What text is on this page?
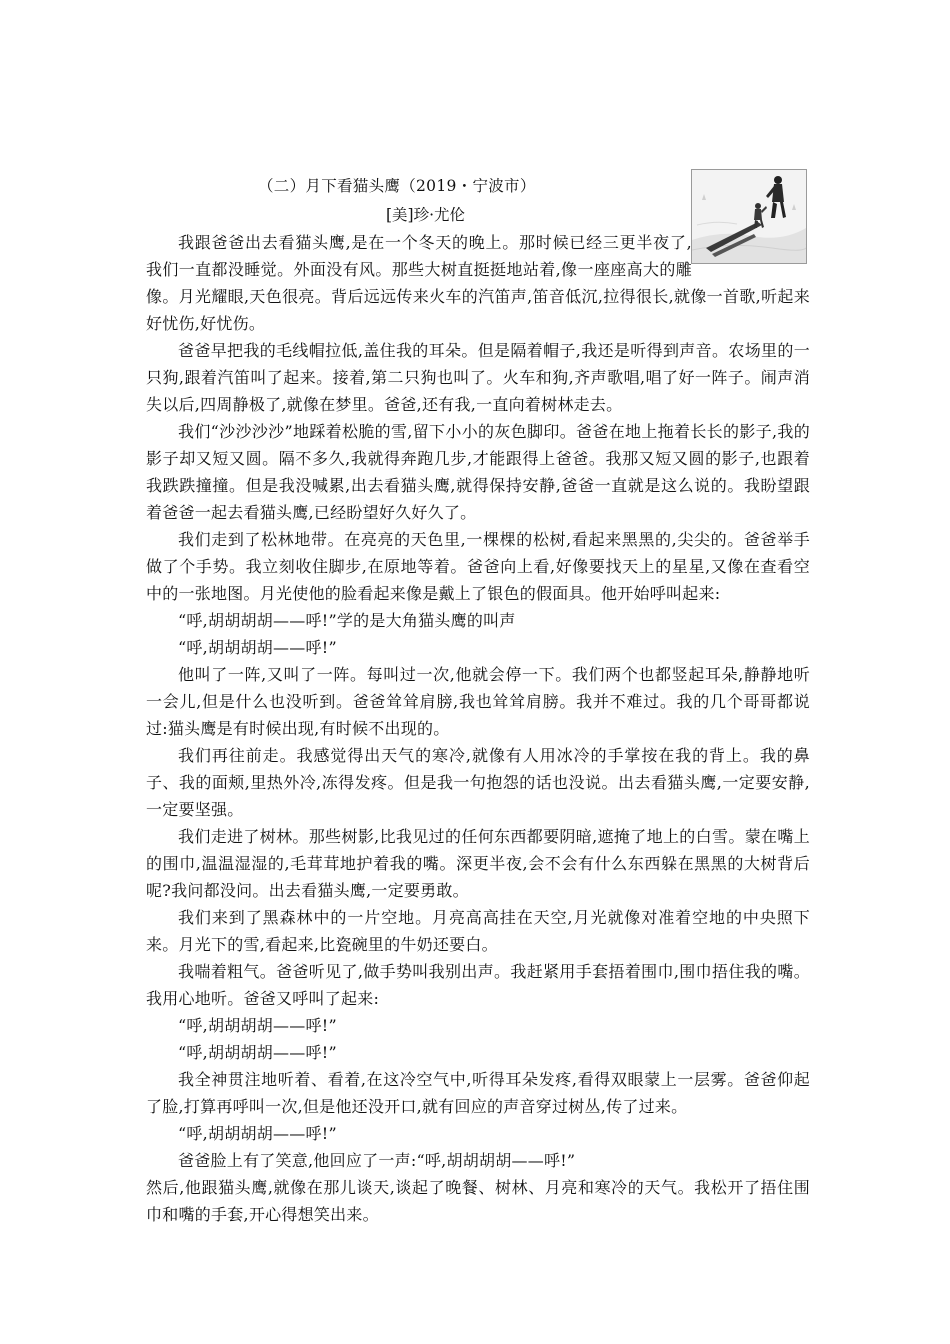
（二）月下看猫头鹰（2019・宁波市）
[美]珍·尤伦

我跟爸爸出去看猫头鹰,是在一个冬天的晚上。那时候已经三更半夜了,我们一直都没睡觉。外面没有风。那些大树直挺挺地站着,像一座座高大的雕像。月光耀眼,天色很亮。背后远远传来火车的汽笛声,笛音低沉,拉得很长,就像一首歌,听起来好忧伤,好忧伤。

爸爸早把我的毛线帽拉低,盖住我的耳朵。但是隔着帽子,我还是听得到声音。农场里的一只狗,跟着汽笛叫了起来。接着,第二只狗也叫了。火车和狗,齐声歌唱,唱了好一阵子。闹声消失以后,四周静极了,就像在梦里。爸爸,还有我,一直向着树林走去。

我们“沙沙沙沙”地踩着松脆的雪,留下小小的灰色脚印。爸爸在地上拖着长长的影子,我的影子却又短又圆。隔不多久,我就得奔跑几步,才能跟得上爸爸。我那又短又圆的影子,也跟着我跌跌撞撞。但是我没喊累,出去看猫头鹰,就得保持安静,爸爸一直就是这么说的。我盼望跟着爸爸一起去看猫头鹰,已经盼望好久好久了。

我们走到了松林地带。在亮亮的天色里,一棵棵的松树,看起来黑黑的,尖尖的。爸爸举手做了个手势。我立刻收住脚步,在原地等着。爸爸向上看,好像要找天上的星星,又像在查看空中的一张地图。月光使他的脸看起来像是戴上了银色的假面具。他开始呼叫起来:

“呼,胡胡胡胡——呼!”学的是大角猫头鹰的叫声

“呼,胡胡胡胡——呼!”

他叫了一阵,又叫了一阵。每叫过一次,他就会停一下。我们两个也都竖起耳朵,静静地听一会儿,但是什么也没听到。爸爸耸耸肩膀,我也耸耸肩膀。我并不难过。我的几个哥哥都说过:猫头鹰是有时候出现,有时候不出现的。

我们再往前走。我感觉得出天气的寒冷,就像有人用冰冷的手掌按在我的背上。我的鼻子、我的面颊,里热外冷,冻得发疼。但是我一句抱怨的话也没说。出去看猫头鹰,一定要安静,一定要坚强。

我们走进了树林。那些树影,比我见过的任何东西都要阴暗,遮掩了地上的白雪。蒙在嘴上的围巾,温温湿湿的,毛茸茸地护着我的嘴。深更半夜,会不会有什么东西躲在黑黑的大树背后呢?我问都没问。出去看猫头鹰,一定要勇敢。

我们来到了黑森林中的一片空地。月亮高高挂在天空,月光就像对准着空地的中央照下来。月光下的雪,看起来,比瓷碗里的牛奶还要白。

我喘着粗气。爸爸听见了,做手势叫我别出声。我赶紧用手套捂着围巾,围巾捂住我的嘴。我用心地听。爸爸又呼叫了起来:

“呼,胡胡胡胡——呼!”

“呼,胡胡胡胡——呼!”

我全神贯注地听着、看着,在这冷空气中,听得耳朵发疼,看得双眼蒙上一层雾。爸爸仰起了脸,打算再呼叫一次,但是他还没开口,就有回应的声音穿过树丛,传了过来。

“呼,胡胡胡胡——呼!”

爸爸脸上有了笑意,他回应了一声:“呼,胡胡胡胡——呼!”

然后,他跟猫头鹰,就像在那儿谈天,谈起了晚餐、树林、月亮和寒冷的天气。我松开了捂住围巾和嘴的手套,开心得想笑出来。
